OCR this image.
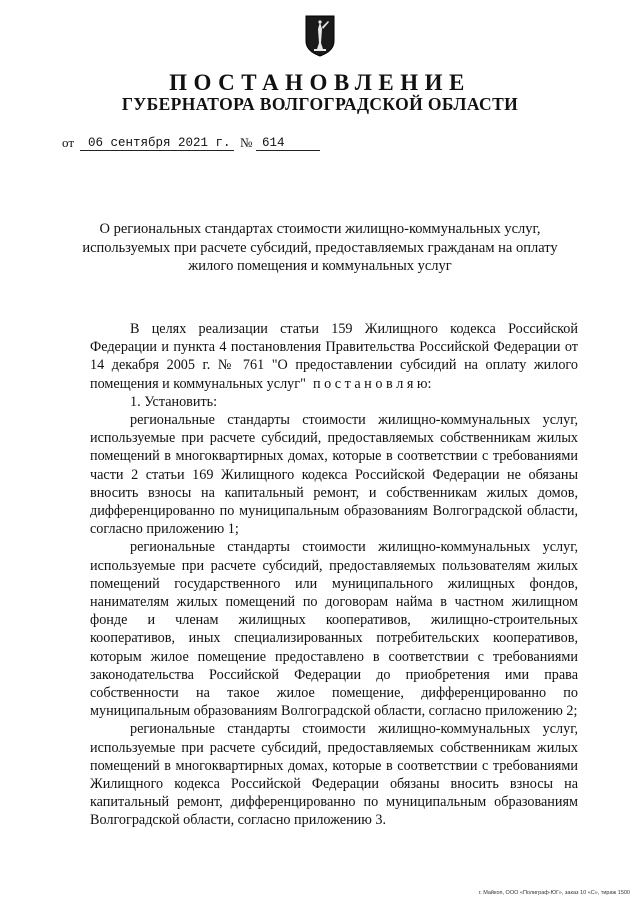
ПОСТАНОВЛЕНИЕ
ГУБЕРНАТОРА ВОЛГОГРАДСКОЙ ОБЛАСТИ
от 06 сентября 2021 г. № 614
О региональных стандартах стоимости жилищно-коммунальных услуг, используемых при расчете субсидий, предоставляемых гражданам на оплату жилого помещения и коммунальных услуг

В целях реализации статьи 159 Жилищного кодекса Российской Федерации и пункта 4 постановления Правительства Российской Федерации от 14 декабря 2005 г. № 761 "О предоставлении субсидий на оплату жилого помещения и коммунальных услуг" п о с т а н о в л я ю:

1. Установить:

региональные стандарты стоимости жилищно-коммунальных услуг, используемые при расчете субсидий, предоставляемых собственникам жилых помещений в многоквартирных домах, которые в соответствии с требованиями части 2 статьи 169 Жилищного кодекса Российской Федерации не обязаны вносить взносы на капитальный ремонт, и собственникам жилых домов, дифференцированно по муниципальным образованиям Волгоградской области, согласно приложению 1;

региональные стандарты стоимости жилищно-коммунальных услуг, используемые при расчете субсидий, предоставляемых пользователям жилых помещений государственного или муниципального жилищных фондов, нанимателям жилых помещений по договорам найма в частном жилищном фонде и членам жилищных кооперативов, жилищно-строительных кооперативов, иных специализированных потребительских кооперативов, которым жилое помещение предоставлено в соответствии с требованиями законодательства Российской Федерации до приобретения ими права собственности на такое жилое помещение, дифференцированно по муниципальным образованиям Волгоградской области, согласно приложению 2;

региональные стандарты стоимости жилищно-коммунальных услуг, используемые при расчете субсидий, предоставляемых собственникам жилых помещений в многоквартирных домах, которые в соответствии с требованиями Жилищного кодекса Российской Федерации обязаны вносить взносы на капитальный ремонт, дифференцированно по муниципальным образованиям Волгоградской области, согласно приложению 3.

г. Майкоп, ООО «Полиграф-ЮГ», заказ 10 «С», тираж 1500
